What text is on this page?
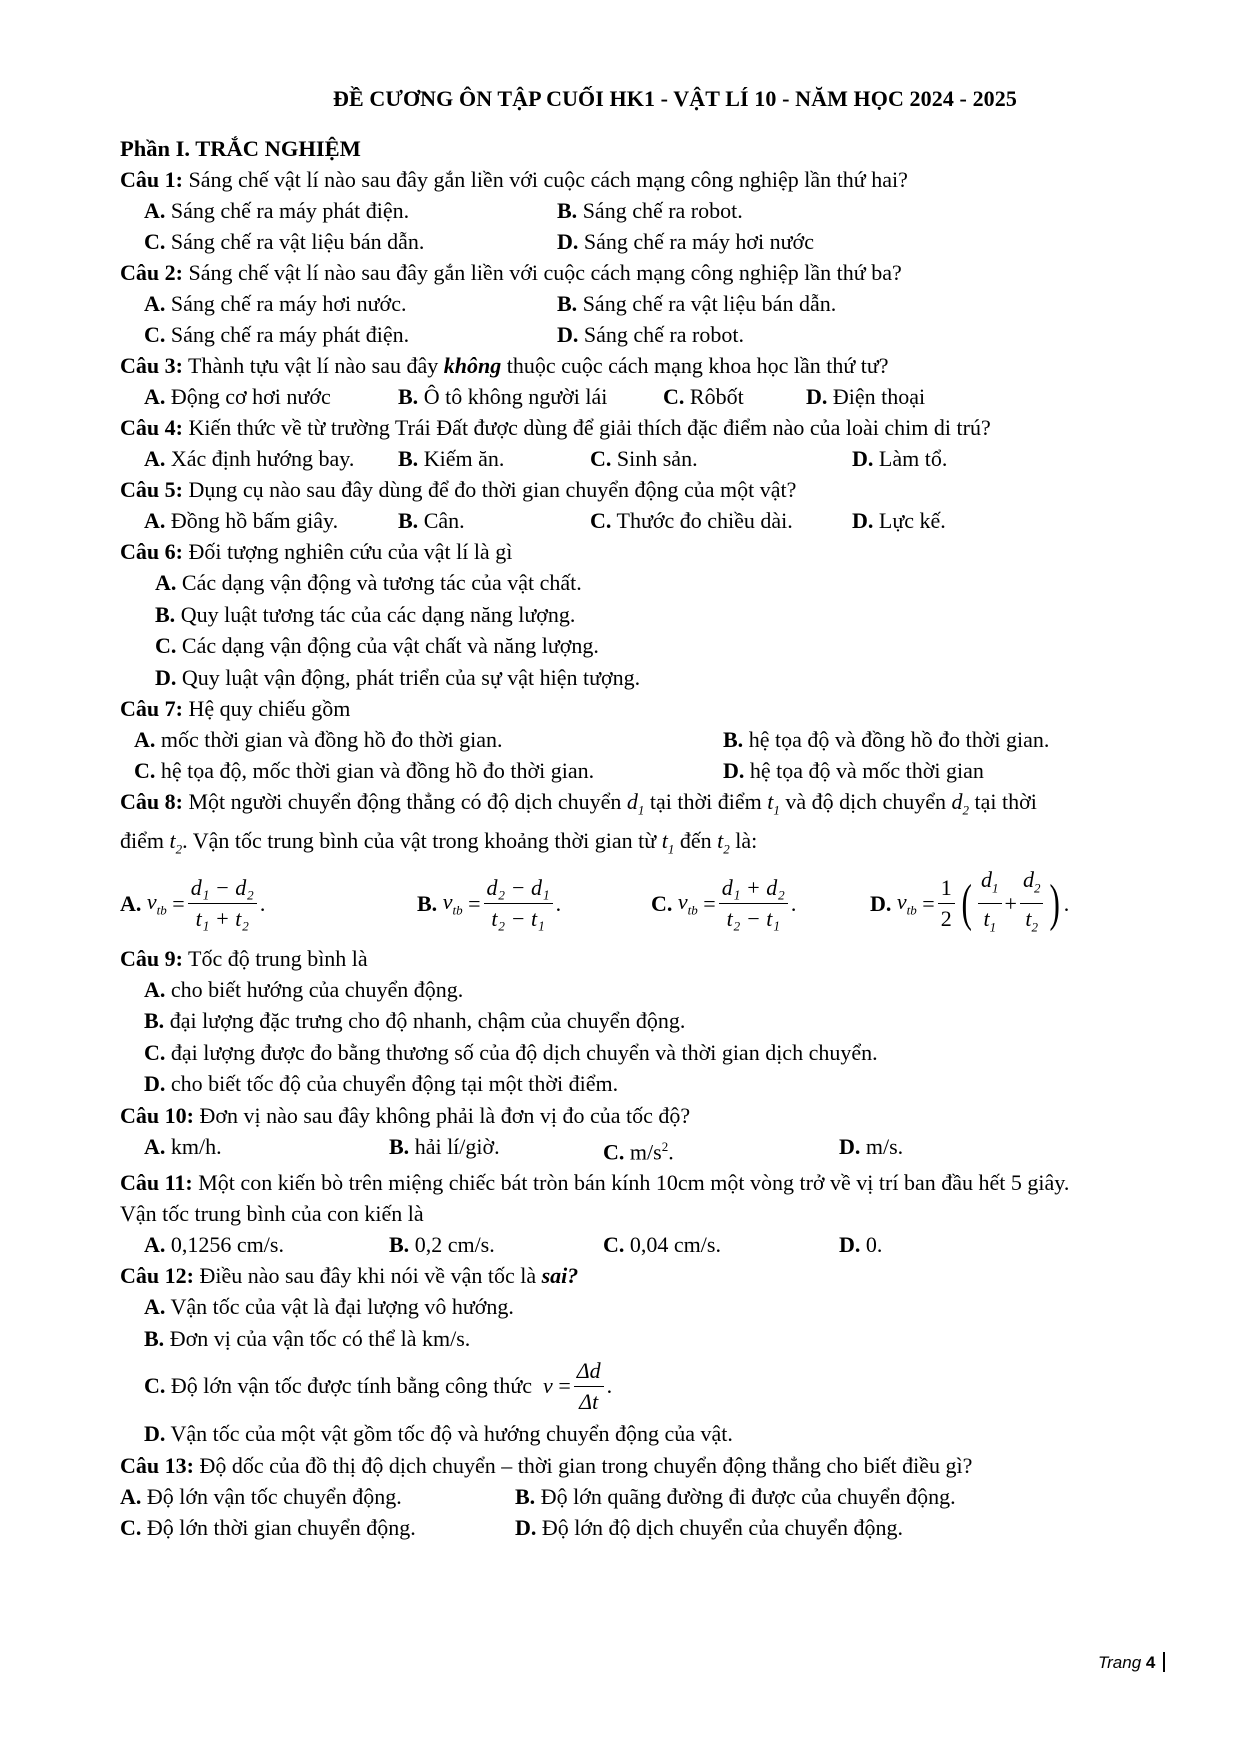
ĐỀ CƯƠNG ÔN TẬP CUỐI HK1 - VẬT LÍ 10 - NĂM HỌC 2024 - 2025
Phần I. TRẮC NGHIỆM
Câu 1: Sáng chế vật lí nào sau đây gắn liền với cuộc cách mạng công nghiệp lần thứ hai?
A. Sáng chế ra máy phát điện.	B. Sáng chế ra robot.
C. Sáng chế ra vật liệu bán dẫn.	D. Sáng chế ra máy hơi nước
Câu 2: Sáng chế vật lí nào sau đây gắn liền với cuộc cách mạng công nghiệp lần thứ ba?
A. Sáng chế ra máy hơi nước.	B. Sáng chế ra vật liệu bán dẫn.
C. Sáng chế ra máy phát điện.	D. Sáng chế ra robot.
Câu 3: Thành tựu vật lí nào sau đây không thuộc cuộc cách mạng khoa học lần thứ tư?
A. Động cơ hơi nước	B. Ô tô không người lái	C. Rôbốt	D. Điện thoại
Câu 4: Kiến thức về từ trường Trái Đất được dùng để giải thích đặc điểm nào của loài chim di trú?
A. Xác định hướng bay.	B. Kiếm ăn.	C. Sinh sản.	D. Làm tổ.
Câu 5: Dụng cụ nào sau đây dùng để đo thời gian chuyển động của một vật?
A. Đồng hồ bấm giây.	B. Cân.	C. Thước đo chiều dài.	D. Lực kế.
Câu 6: Đối tượng nghiên cứu của vật lí là gì
A. Các dạng vận động và tương tác của vật chất.
B. Quy luật tương tác của các dạng năng lượng.
C. Các dạng vận động của vật chất và năng lượng.
D. Quy luật vận động, phát triển của sự vật hiện tượng.
Câu 7: Hệ quy chiếu gồm
A. mốc thời gian và đồng hồ đo thời gian.	B. hệ tọa độ và đồng hồ đo thời gian.
C. hệ tọa độ, mốc thời gian và đồng hồ đo thời gian.	D. hệ tọa độ và mốc thời gian
Câu 8: Một người chuyển động thẳng có độ dịch chuyển $d_1$ tại thời điểm $t_1$ và độ dịch chuyển $d_2$ tại thời
điểm $t_2$. Vận tốc trung bình của vật trong khoảng thời gian từ $t_1$ đến $t_2$ là:
A.
$v_{tb} = \frac{\text{d₁ − d₂}}{\text{t₁ + t₂}}$ .	B.
$v_{tb} = \frac{\text{d₂ − d₁}}{\text{t₂ − t₁}}$ .	C.
$v_{tb} = \frac{\text{d₁ + d₂}}{\text{t₂ − t₁}}$ .	D.
$v_{tb} = \frac{1}{2}$ ( $\frac{d_1}{t_1} + \frac{d_2}{t_2}$ ) .
Câu 9: Tốc độ trung bình là
A. cho biết hướng của chuyển động.
B. đại lượng đặc trưng cho độ nhanh, chậm của chuyển động.
C. đại lượng được đo bằng thương số của độ dịch chuyển và thời gian dịch chuyển.
D. cho biết tốc độ của chuyển động tại một thời điểm.
Câu 10: Đơn vị nào sau đây không phải là đơn vị đo của tốc độ?
A. km/h.	B. hải lí/giờ.	C. $m/s^2$.	D. m/s.
Câu 11: Một con kiến bò trên miệng chiếc bát tròn bán kính 10cm một vòng trở về vị trí ban đầu hết 5 giây.
Vận tốc trung bình của con kiến là
A. 0,1256 cm/s.	B. 0,2 cm/s.	C. 0,04 cm/s.	D. 0.
Câu 12: Điều nào sau đây khi nói về vận tốc là sai?
A. Vận tốc của vật là đại lượng vô hướng.
B. Đơn vị của vận tốc có thể là km/s.
C.
Độ lớn vận tốc được tính bằng công thức
$v = \frac{\Delta d}{\Delta t}$ .
D. Vận tốc của một vật gồm tốc độ và hướng chuyển động của vật.
Câu 13: Độ dốc của đồ thị độ dịch chuyển – thời gian trong chuyển động thẳng cho biết điều gì?
A. Độ lớn vận tốc chuyển động.	B. Độ lớn quãng đường đi được của chuyển động.
C. Độ lớn thời gian chuyển động.	D. Độ lớn độ dịch chuyển của chuyển động.
Trang 4
